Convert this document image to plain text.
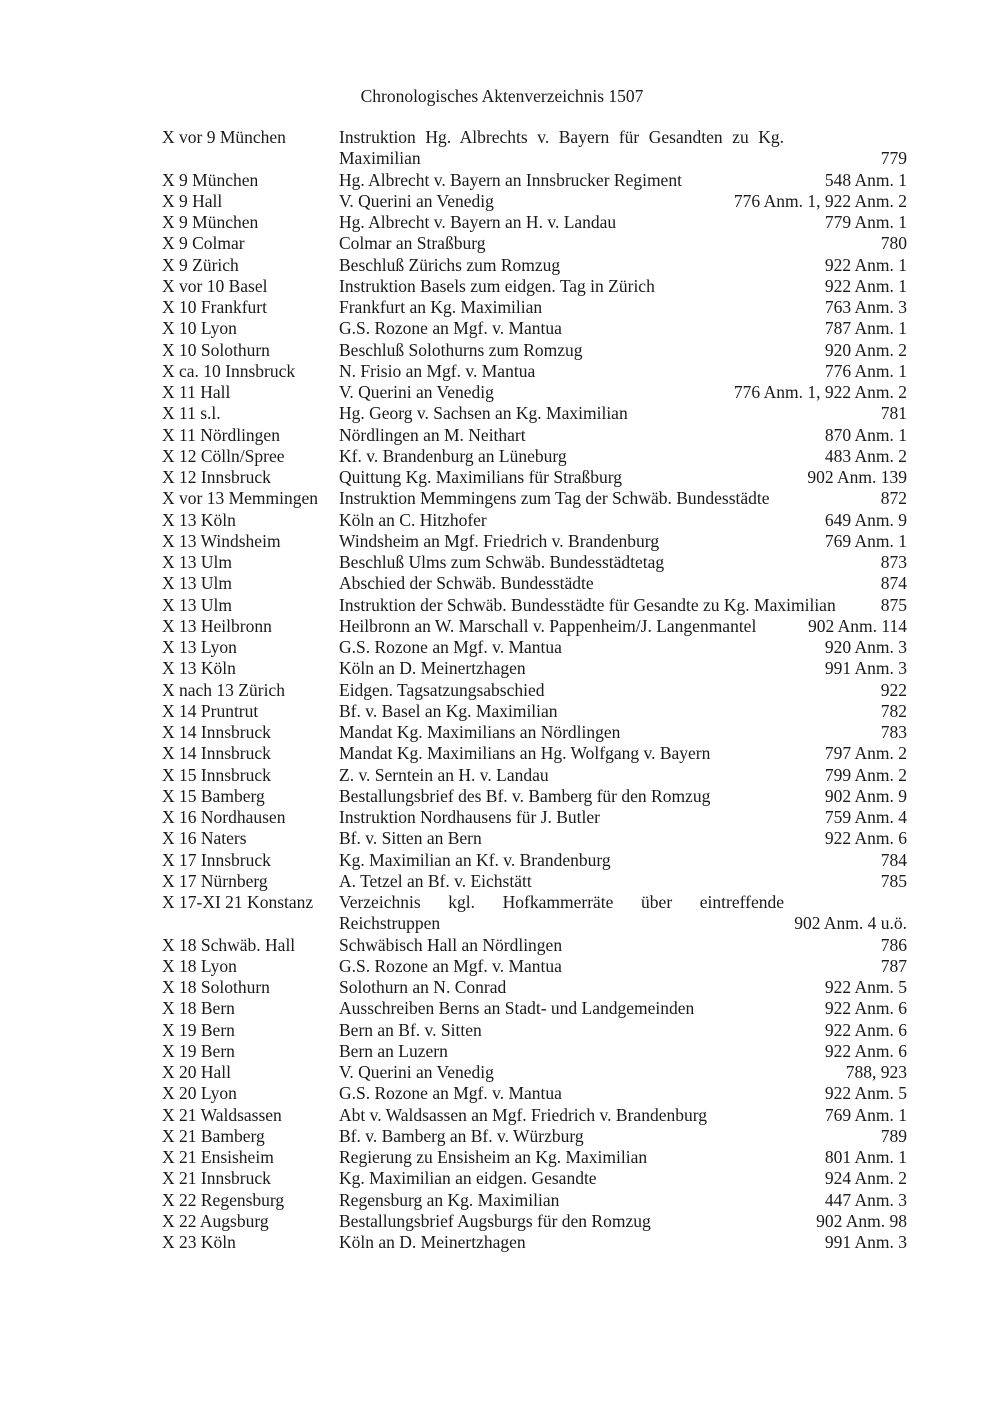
Chronologisches Aktenverzeichnis 1507
X vor 9 München	Instruktion Hg. Albrechts v. Bayern für Gesandten zu Kg. Maximilian	779
X 9 München	Hg. Albrecht v. Bayern an Innsbrucker Regiment	548 Anm. 1
X 9 Hall	V. Querini an Venedig	776 Anm. 1, 922 Anm. 2
X 9 München	Hg. Albrecht v. Bayern an H. v. Landau	779 Anm. 1
X 9 Colmar	Colmar an Straßburg	780
X 9 Zürich	Beschluß Zürichs zum Romzug	922 Anm. 1
X vor 10 Basel	Instruktion Basels zum eidgen. Tag in Zürich	922 Anm. 1
X 10 Frankfurt	Frankfurt an Kg. Maximilian	763 Anm. 3
X 10 Lyon	G.S. Rozone an Mgf. v. Mantua	787 Anm. 1
X 10 Solothurn	Beschluß Solothurns zum Romzug	920 Anm. 2
X ca. 10 Innsbruck	N. Frisio an Mgf. v. Mantua	776 Anm. 1
X 11 Hall	V. Querini an Venedig	776 Anm. 1, 922 Anm. 2
X 11 s.l.	Hg. Georg v. Sachsen an Kg. Maximilian	781
X 11 Nördlingen	Nördlingen an M. Neithart	870 Anm. 1
X 12 Cölln/Spree	Kf. v. Brandenburg an Lüneburg	483 Anm. 2
X 12 Innsbruck	Quittung Kg. Maximilians für Straßburg	902 Anm. 139
X vor 13 Memmingen	Instruktion Memmingens zum Tag der Schwäb. Bundesstädte	872
X 13 Köln	Köln an C. Hitzhofer	649 Anm. 9
X 13 Windsheim	Windsheim an Mgf. Friedrich v. Brandenburg	769 Anm. 1
X 13 Ulm	Beschluß Ulms zum Schwäb. Bundesstädtetag	873
X 13 Ulm	Abschied der Schwäb. Bundesstädte	874
X 13 Ulm	Instruktion der Schwäb. Bundesstädte für Gesandte zu Kg. Maximilian	875
X 13 Heilbronn	Heilbronn an W. Marschall v. Pappenheim/J. Langenmantel	902 Anm. 114
X 13 Lyon	G.S. Rozone an Mgf. v. Mantua	920 Anm. 3
X 13 Köln	Köln an D. Meinertzhagen	991 Anm. 3
X nach 13 Zürich	Eidgen. Tagsatzungsabschied	922
X 14 Pruntrut	Bf. v. Basel an Kg. Maximilian	782
X 14 Innsbruck	Mandat Kg. Maximilians an Nördlingen	783
X 14 Innsbruck	Mandat Kg. Maximilians an Hg. Wolfgang v. Bayern	797 Anm. 2
X 15 Innsbruck	Z. v. Serntein an H. v. Landau	799 Anm. 2
X 15 Bamberg	Bestallungsbrief des Bf. v. Bamberg für den Romzug	902 Anm. 9
X 16 Nordhausen	Instruktion Nordhausens für J. Butler	759 Anm. 4
X 16 Naters	Bf. v. Sitten an Bern	922 Anm. 6
X 17 Innsbruck	Kg. Maximilian an Kf. v. Brandenburg	784
X 17 Nürnberg	A. Tetzel an Bf. v. Eichstätt	785
X 17-XI 21 Konstanz	Verzeichnis kgl. Hofkammerräte über eintreffende Reichstruppen	902 Anm. 4 u.ö.
X 18 Schwäb. Hall	Schwäbisch Hall an Nördlingen	786
X 18 Lyon	G.S. Rozone an Mgf. v. Mantua	787
X 18 Solothurn	Solothurn an N. Conrad	922 Anm. 5
X 18 Bern	Ausschreiben Berns an Stadt- und Landgemeinden	922 Anm. 6
X 19 Bern	Bern an Bf. v. Sitten	922 Anm. 6
X 19 Bern	Bern an Luzern	922 Anm. 6
X 20 Hall	V. Querini an Venedig	788, 923
X 20 Lyon	G.S. Rozone an Mgf. v. Mantua	922 Anm. 5
X 21 Waldsassen	Abt v. Waldsassen an Mgf. Friedrich v. Brandenburg	769 Anm. 1
X 21 Bamberg	Bf. v. Bamberg an Bf. v. Würzburg	789
X 21 Ensisheim	Regierung zu Ensisheim an Kg. Maximilian	801 Anm. 1
X 21 Innsbruck	Kg. Maximilian an eidgen. Gesandte	924 Anm. 2
X 22 Regensburg	Regensburg an Kg. Maximilian	447 Anm. 3
X 22 Augsburg	Bestallungsbrief Augsburgs für den Romzug	902 Anm. 98
X 23 Köln	Köln an D. Meinertzhagen	991 Anm. 3
